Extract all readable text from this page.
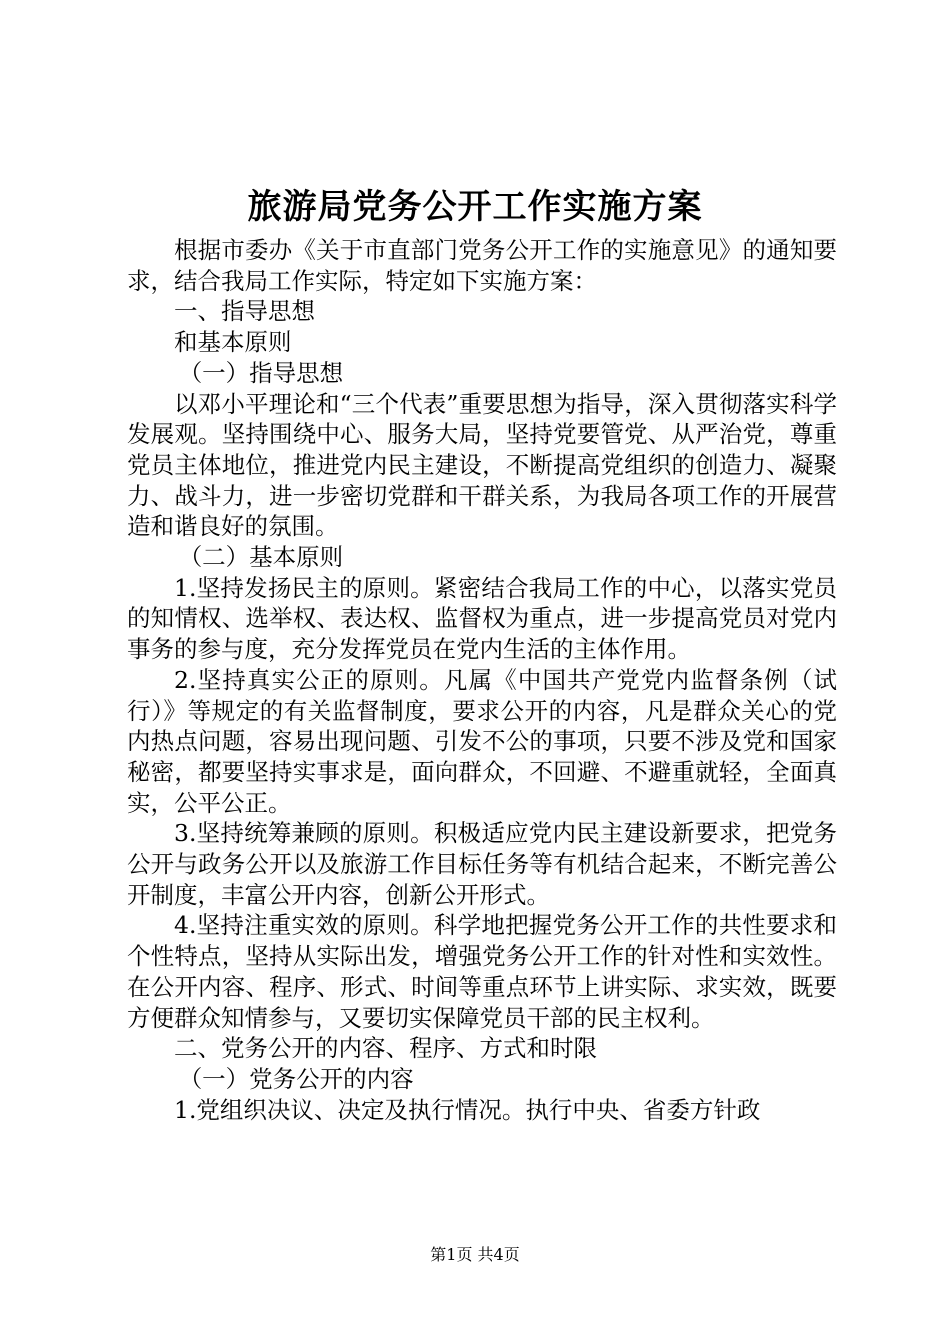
旅游局党务公开工作实施方案

根据市委办《关于市直部门党务公开工作的实施意见》的通知要求，结合我局工作实际，特定如下实施方案：

一、指导思想

和基本原则

（一）指导思想

以邓小平理论和“三个代表”重要思想为指导，深入贯彻落实科学发展观。坚持围绕中心、服务大局，坚持党要管党、从严治党，尊重党员主体地位，推进党内民主建设，不断提高党组织的创造力、凝聚力、战斗力，进一步密切党群和干群关系，为我局各项工作的开展营造和谐良好的氛围。

（二）基本原则

1.坚持发扬民主的原则。紧密结合我局工作的中心，以落实党员的知情权、选举权、表达权、监督权为重点，进一步提高党员对党内事务的参与度，充分发挥党员在党内生活的主体作用。

2.坚持真实公正的原则。凡属《中国共产党党内监督条例（试行）》等规定的有关监督制度，要求公开的内容，凡是群众关心的党内热点问题，容易出现问题、引发不公的事项，只要不涉及党和国家秘密，都要坚持实事求是，面向群众，不回避、不避重就轻，全面真实，公平公正。

3.坚持统筹兼顾的原则。积极适应党内民主建设新要求，把党务公开与政务公开以及旅游工作目标任务等有机结合起来，不断完善公开制度，丰富公开内容，创新公开形式。

4.坚持注重实效的原则。科学地把握党务公开工作的共性要求和个性特点，坚持从实际出发，增强党务公开工作的针对性和实效性。在公开内容、程序、形式、时间等重点环节上讲实际、求实效，既要方便群众知情参与，又要切实保障党员干部的民主权利。

二、党务公开的内容、程序、方式和时限

（一）党务公开的内容

1.党组织决议、决定及执行情况。执行中央、省委方针政

第1页 共4页
